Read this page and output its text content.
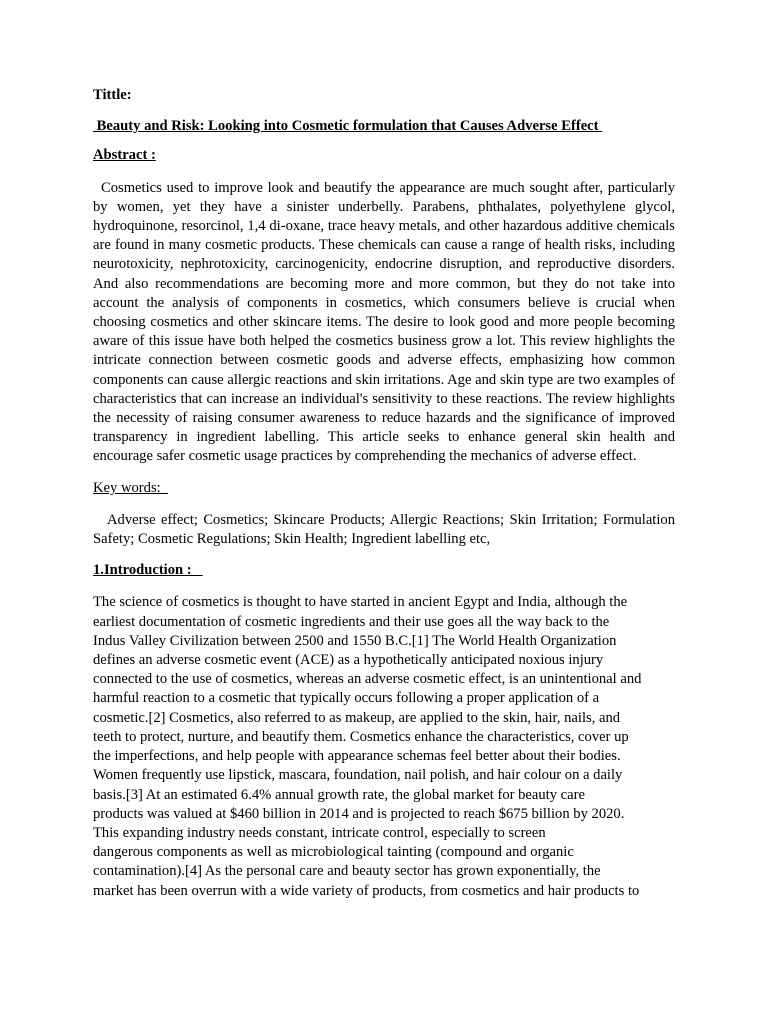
Tittle:
Beauty and Risk: Looking into Cosmetic formulation that Causes Adverse Effect
Abstract :
Cosmetics used to improve look and beautify the appearance are much sought after, particularly by women, yet they have a sinister underbelly. Parabens, phthalates, polyethylene glycol, hydroquinone, resorcinol, 1,4 di-oxane, trace heavy metals, and other hazardous additive chemicals are found in many cosmetic products. These chemicals can cause a range of health risks, including neurotoxicity, nephrotoxicity, carcinogenicity, endocrine disruption, and reproductive disorders. And also recommendations are becoming more and more common, but they do not take into account the analysis of components in cosmetics, which consumers believe is crucial when choosing cosmetics and other skincare items. The desire to look good and more people becoming aware of this issue have both helped the cosmetics business grow a lot. This review highlights the intricate connection between cosmetic goods and adverse effects, emphasizing how common components can cause allergic reactions and skin irritations. Age and skin type are two examples of characteristics that can increase an individual's sensitivity to these reactions. The review highlights the necessity of raising consumer awareness to reduce hazards and the significance of improved transparency in ingredient labelling. This article seeks to enhance general skin health and encourage safer cosmetic usage practices by comprehending the mechanics of adverse effect.
Key words:
Adverse effect; Cosmetics; Skincare Products; Allergic Reactions; Skin Irritation; Formulation Safety; Cosmetic Regulations; Skin Health; Ingredient labelling etc,
1.Introduction :
The science of cosmetics is thought to have started in ancient Egypt and India, although the
earliest documentation of cosmetic ingredients and their use goes all the way back to the
Indus Valley Civilization between 2500 and 1550 B.C.[1] The World Health Organization
defines an adverse cosmetic event (ACE) as a hypothetically anticipated noxious injury
connected to the use of cosmetics, whereas an adverse cosmetic effect, is an unintentional and
harmful reaction to a cosmetic that typically occurs following a proper application of a
cosmetic.[2] Cosmetics, also referred to as makeup, are applied to the skin, hair, nails, and
teeth to protect, nurture, and beautify them. Cosmetics enhance the characteristics, cover up
the imperfections, and help people with appearance schemas feel better about their bodies.
Women frequently use lipstick, mascara, foundation, nail polish, and hair colour on a daily
basis.[3] At an estimated 6.4% annual growth rate, the global market for beauty care
products was valued at $460 billion in 2014 and is projected to reach $675 billion by 2020.
This expanding industry needs constant, intricate control, especially to screen
dangerous components as well as microbiological tainting (compound and organic
contamination).[4] As the personal care and beauty sector has grown exponentially, the
market has been overrun with a wide variety of products, from cosmetics and hair products to
